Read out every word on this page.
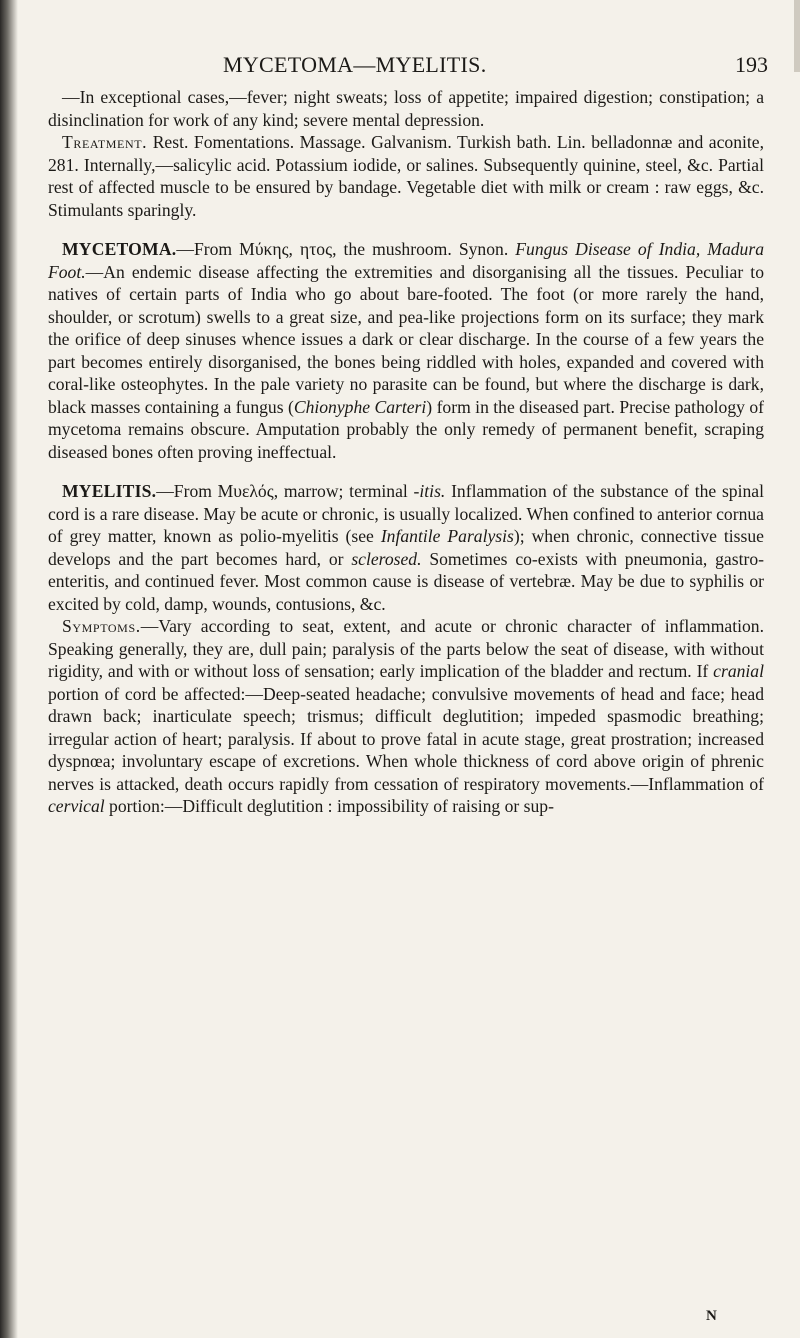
MYCETOMA—MYELITIS.	193

—In exceptional cases,—fever; night sweats; loss of appetite; impaired digestion; constipation; a disinclination for work of any kind; severe mental depression.

Treatment. Rest. Fomentations. Massage. Galvanism. Turkish bath. Lin. belladonnæ and aconite, 281. Internally,—salicylic acid. Potassium iodide, or salines. Subsequently quinine, steel, &c. Partial rest of affected muscle to be ensured by bandage. Vegetable diet with milk or cream : raw eggs, &c. Stimulants sparingly.

MYCETOMA.—From Μύκης, ητος, the mushroom. Synon. Fungus Disease of India, Madura Foot.—An endemic disease affecting the extremities and disorganising all the tissues. Peculiar to natives of certain parts of India who go about bare-footed. The foot (or more rarely the hand, shoulder, or scrotum) swells to a great size, and pea-like projections form on its surface; they mark the orifice of deep sinuses whence issues a dark or clear discharge. In the course of a few years the part becomes entirely disorganised, the bones being riddled with holes, expanded and covered with coral-like osteophytes. In the pale variety no parasite can be found, but where the discharge is dark, black masses containing a fungus (Chionyphe Carteri) form in the diseased part. Precise pathology of mycetoma remains obscure. Amputation probably the only remedy of permanent benefit, scraping diseased bones often proving ineffectual.

MYELITIS.—From Μυελός, marrow; terminal -itis. Inflammation of the substance of the spinal cord is a rare disease. May be acute or chronic, is usually localized. When confined to anterior cornua of grey matter, known as polio-myelitis (see Infantile Paralysis); when chronic, connective tissue develops and the part becomes hard, or sclerosed. Sometimes co-exists with pneumonia, gastro-enteritis, and continued fever. Most common cause is disease of vertebræ. May be due to syphilis or excited by cold, damp, wounds, contusions, &c.

Symptoms.—Vary according to seat, extent, and acute or chronic character of inflammation. Speaking generally, they are, dull pain; paralysis of the parts below the seat of disease, with without rigidity, and with or without loss of sensation; early implication of the bladder and rectum. If cranial portion of cord be affected:—Deep-seated headache; convulsive movements of head and face; head drawn back; inarticulate speech; trismus; difficult deglutition; impeded spasmodic breathing; irregular action of heart; paralysis. If about to prove fatal in acute stage, great prostration; increased dyspnœa; involuntary escape of excretions. When whole thickness of cord above origin of phrenic nerves is attacked, death occurs rapidly from cessation of respiratory movements.—Inflammation of cervical portion:—Difficult deglutition : impossibility of raising or sup-

N
